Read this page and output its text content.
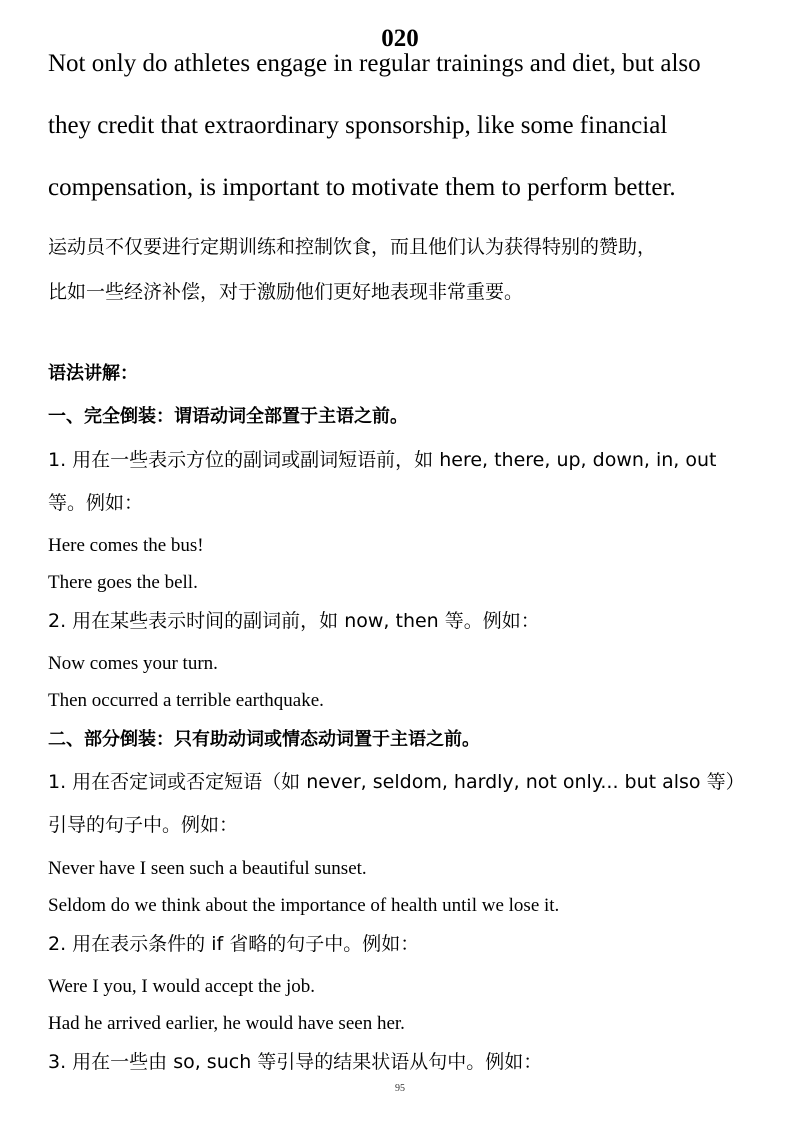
020
Not only do athletes engage in regular trainings and diet, but also
they credit that extraordinary sponsorship, like some financial
compensation, is important to motivate them to perform better.
运动员不仅要进行定期训练和控制饮食，而且他们认为获得特别的赞助，
比如一些经济补偿，对于激励他们更好地表现非常重要。
语法讲解：
一、完全倒装：谓语动词全部置于主语之前。
1. 用在一些表示方位的副词或副词短语前，如 here, there, up, down, in, out
等。例如：
Here comes the bus!
There goes the bell.
2. 用在某些表示时间的副词前，如 now, then 等。例如：
Now comes your turn.
Then occurred a terrible earthquake.
二、部分倒装：只有助动词或情态动词置于主语之前。
1. 用在否定词或否定短语（如 never, seldom, hardly, not only... but also 等）
引导的句子中。例如：
Never have I seen such a beautiful sunset.
Seldom do we think about the importance of health until we lose it.
2. 用在表示条件的 if 省略的句子中。例如：
Were I you, I would accept the job.
Had he arrived earlier, he would have seen her.
3. 用在一些由 so, such 等引导的结果状语从句中。例如：
95
